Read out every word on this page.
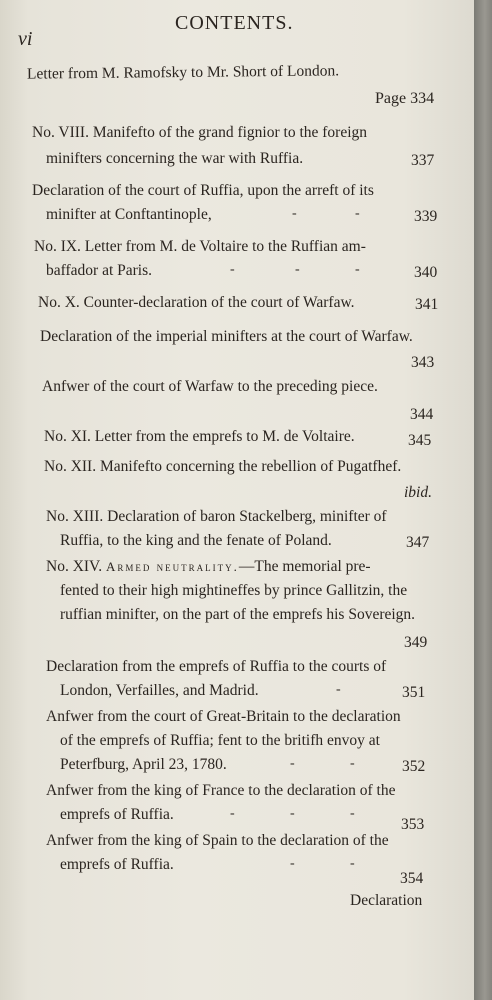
vi
CONTENTS.
Letter from M. Ramofsky to Mr. Short of London.
Page 334
No. VIII. Manifefto of the grand fignior to the foreign
minifters concerning the war with Ruffia.	337
Declaration of the court of Ruffia, upon the arreft of its
minifter at Conftantinople,	-	-	339
No. IX. Letter from M. de Voltaire to the Ruffian am-
baffador at Paris.	-	-	-	340
No. X. Counter-declaration of the court of Warfaw.	341
Declaration of the imperial minifters at the court of Warfaw.
343
Anfwer of the court of Warfaw to the preceding piece.
344
No. XI. Letter from the emprefs to M. de Voltaire.	345
No. XII. Manifefto concerning the rebellion of Pugatfhef.
ibid.
No. XIII. Declaration of baron Stackelberg, minifter of
Ruffia, to the king and the fenate of Poland.	347
No. XIV. Armed neutrality.—The memorial pre-
fented to their high mightineffes by prince Gallitzin, the
ruffian minifter, on the part of the emprefs his Sovereign.
349
Declaration from the emprefs of Ruffia to the courts of
London, Verfailles, and Madrid.	-	351
Anfwer from the court of Great-Britain to the declaration
of the emprefs of Ruffia; fent to the britifh envoy at
Peterfburg, April 23, 1780.	-	-	352
Anfwer from the king of France to the declaration of the
emprefs of Ruffia.	-	-	-
353
Anfwer from the king of Spain to the declaration of the
emprefs of Ruffia.	-	-
354
Declaration
